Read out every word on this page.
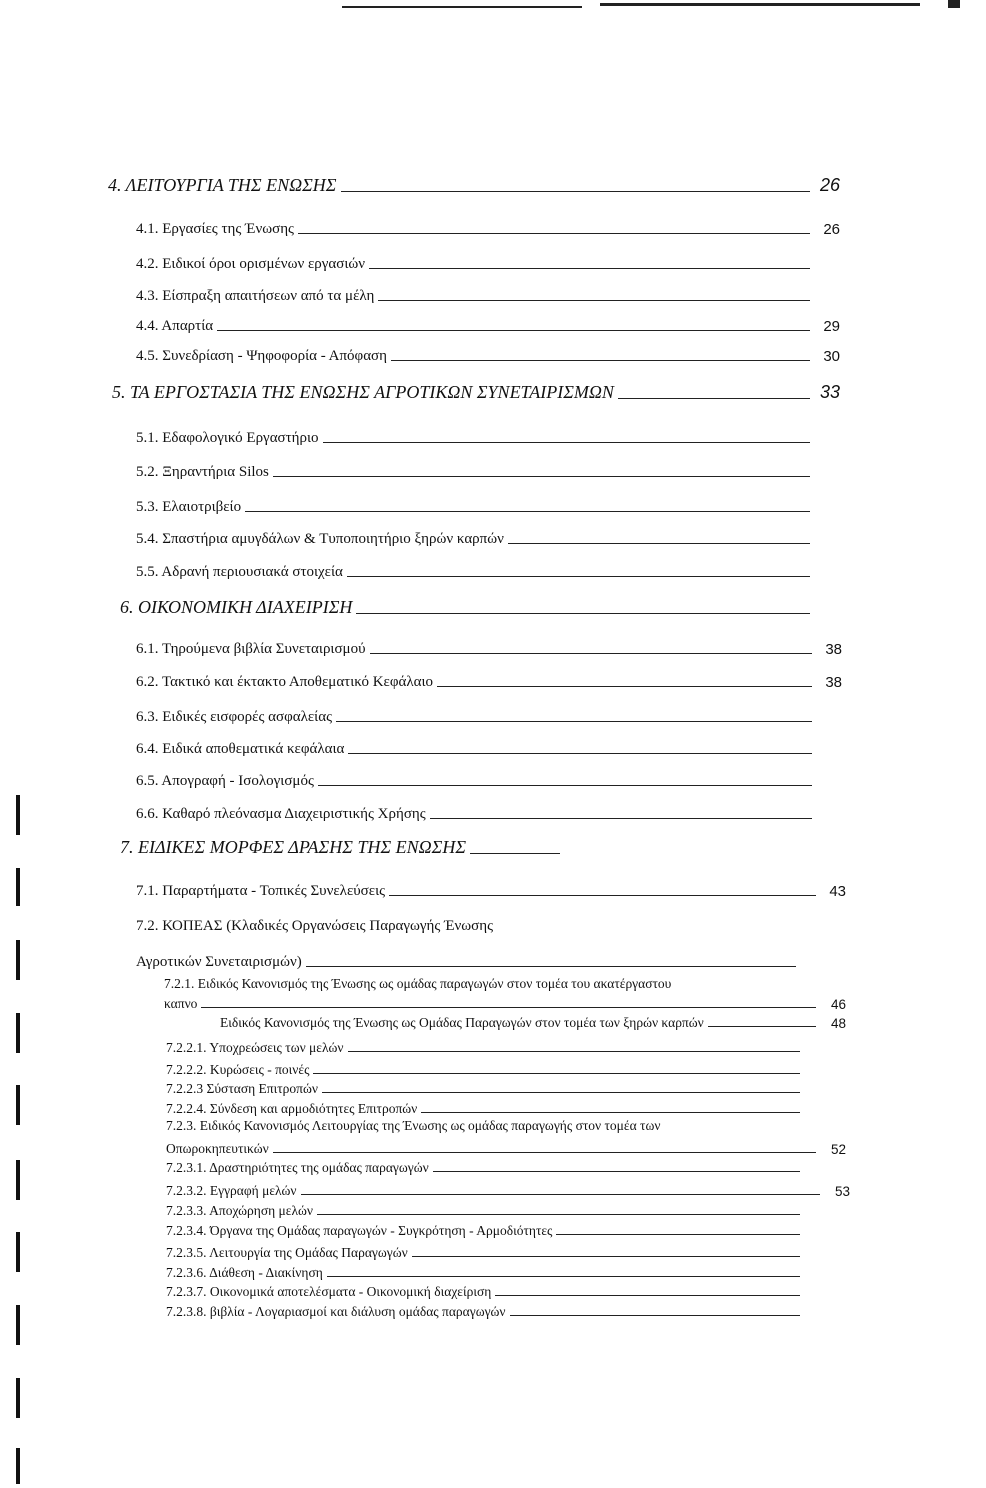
4. ΛΕΙΤΟΥΡΓΙΑ ΤΗΣ ΕΝΩΣΗΣ	26
4.1. Εργασίες της Ένωσης	26
4.2. Ειδικοί όροι ορισμένων εργασιών
4.3. Είσπραξη απαιτήσεων από τα μέλη
4.4. Απαρτία	29
4.5. Συνεδρίαση - Ψηφοφορία - Απόφαση	30
5. ΤΑ ΕΡΓΟΣΤΑΣΙΑ ΤΗΣ ΕΝΩΣΗΣ ΑΓΡΟΤΙΚΩΝ ΣΥΝΕΤΑΙΡΙΣΜΩΝ	33
5.1. Εδαφολογικό Εργαστήριο
5.2. Ξηραντήρια Silos
5.3. Ελαιοτριβείο
5.4. Σπαστήρια αμυγδάλων & Τυποποιητήριο ξηρών καρπών
5.5. Αδρανή περιουσιακά στοιχεία
6. ΟΙΚΟΝΟΜΙΚΗ ΔΙΑΧΕΙΡΙΣΗ
6.1. Τηρούμενα βιβλία Συνεταιρισμού	38
6.2. Τακτικό και έκτακτο Αποθεματικό Κεφάλαιο	38
6.3. Ειδικές εισφορές ασφαλείας
6.4. Ειδικά αποθεματικά κεφάλαια
6.5. Απογραφή - Ισολογισμός
6.6. Καθαρό πλεόνασμα Διαχειριστικής Χρήσης
7. ΕΙΔΙΚΕΣ ΜΟΡΦΕΣ ΔΡΑΣΗΣ ΤΗΣ ΕΝΩΣΗΣ
7.1. Παραρτήματα - Τοπικές Συνελεύσεις	43
7.2. ΚΟΠΕΑΣ (Κλαδικές Οργανώσεις Παραγωγής Ένωσης
Αγροτικών Συνεταιρισμών)
7.2.1. Ειδικός Κανονισμός της Ένωσης ως ομάδας παραγωγών στον τομέα του ακατέργαστου
καπνο	46
Ειδικός Κανονισμός της Ένωσης ως Ομάδας Παραγωγών στον τομέα των ξηρών καρπών	48
7.2.2.1. Υποχρεώσεις των μελών
7.2.2.2. Κυρώσεις - ποινές
7.2.2.3 Σύσταση Επιτροπών
7.2.2.4. Σύνδεση και αρμοδιότητες Επιτροπών
7.2.3. Ειδικός Κανονισμός Λειτουργίας της Ένωσης ως ομάδας παραγωγής στον τομέα των
Οπωροκηπευτικών	52
7.2.3.1. Δραστηριότητες της ομάδας παραγωγών
7.2.3.2. Εγγραφή μελών	53
7.2.3.3. Αποχώρηση μελών
7.2.3.4. Όργανα της Ομάδας παραγωγών - Συγκρότηση - Αρμοδιότητες
7.2.3.5. Λειτουργία της Ομάδας Παραγωγών
7.2.3.6. Διάθεση - Διακίνηση
7.2.3.7. Οικονομικά αποτελέσματα - Οικονομική διαχείριση
7.2.3.8. βιβλία - Λογαριασμοί και διάλυση ομάδας παραγωγών
